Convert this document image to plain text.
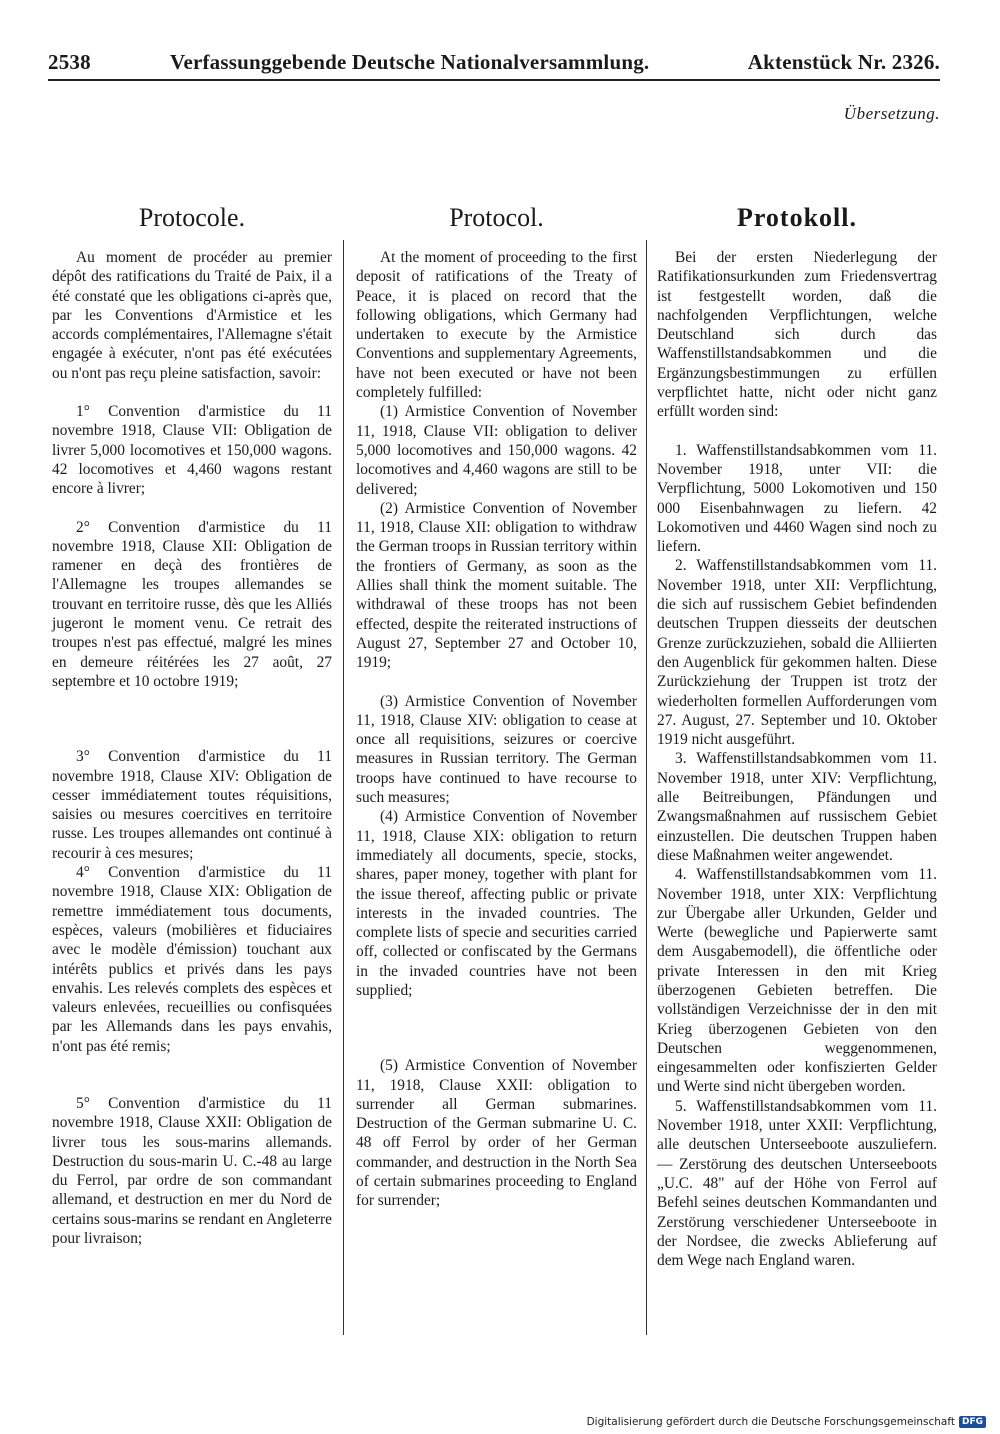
2538	Verfassunggebende Deutsche Nationalversammlung.	Aktenstück Nr. 2326.
Übersetzung.
Protocole.

Au moment de procéder au premier dépôt des ratifications du Traité de Paix, il a été constaté que les obligations ci-après que, par les Conventions d'Armistice et les accords complémentaires, l'Allemagne s'était engagée à exécuter, n'ont pas été exécutées ou n'ont pas reçu pleine satisfaction, savoir:

1° Convention d'armistice du 11 novembre 1918, Clause VII: Obligation de livrer 5,000 locomotives et 150,000 wagons. 42 locomotives et 4,460 wagons restant encore à livrer;

2° Convention d'armistice du 11 novembre 1918, Clause XII: Obligation de ramener en deçà des frontières de l'Allemagne les troupes allemandes se trouvant en territoire russe, dès que les Alliés jugeront le moment venu. Ce retrait des troupes n'est pas effectué, malgré les mines en demeure réitérées les 27 août, 27 septembre et 10 octobre 1919;

3° Convention d'armistice du 11 novembre 1918, Clause XIV: Obligation de cesser immédiatement toutes réquisitions, saisies ou mesures coercitives en territoire russe. Les troupes allemandes ont continué à recourir à ces mesures;

4° Convention d'armistice du 11 novembre 1918, Clause XIX: Obligation de remettre immédiatement tous documents, espèces, valeurs (mobilières et fiduciaires avec le modèle d'émission) touchant aux intérêts publics et privés dans les pays envahis. Les relevés complets des espèces et valeurs enlevées, recueillies ou confisquées par les Allemands dans les pays envahis, n'ont pas été remis;

5° Convention d'armistice du 11 novembre 1918, Clause XXII: Obligation de livrer tous les sous-marins allemands. Destruction du sous-marin U. C.-48 au large du Ferrol, par ordre de son commandant allemand, et destruction en mer du Nord de certains sous-marins se rendant en Angleterre pour livraison;

Protocol.

At the moment of proceeding to the first deposit of ratifications of the Treaty of Peace, it is placed on record that the following obligations, which Germany had undertaken to execute by the Armistice Conventions and supplementary Agreements, have not been executed or have not been completely fulfilled:

(1) Armistice Convention of November 11, 1918, Clause VII: obligation to deliver 5,000 locomotives and 150,000 wagons. 42 locomotives and 4,460 wagons are still to be delivered;

(2) Armistice Convention of November 11, 1918, Clause XII: obligation to withdraw the German troops in Russian territory within the frontiers of Germany, as soon as the Allies shall think the moment suitable. The withdrawal of these troops has not been effected, despite the reiterated instructions of August 27, September 27 and October 10, 1919;

(3) Armistice Convention of November 11, 1918, Clause XIV: obligation to cease at once all requisitions, seizures or coercive measures in Russian territory. The German troops have continued to have recourse to such measures;

(4) Armistice Convention of November 11, 1918, Clause XIX: obligation to return immediately all documents, specie, stocks, shares, paper money, together with plant for the issue thereof, affecting public or private interests in the invaded countries. The complete lists of specie and securities carried off, collected or confiscated by the Germans in the invaded countries have not been supplied;

(5) Armistice Convention of November 11, 1918, Clause XXII: obligation to surrender all German submarines. Destruction of the German submarine U. C. 48 off Ferrol by order of her German commander, and destruction in the North Sea of certain submarines proceeding to England for surrender;

Protokoll.

Bei der ersten Niederlegung der Ratifikationsurkunden zum Friedensvertrag ist festgestellt worden, daß die nachfolgenden Verpflichtungen, welche Deutschland sich durch das Waffenstillstandsabkommen und die Ergänzungsbestimmungen zu erfüllen verpflichtet hatte, nicht oder nicht ganz erfüllt worden sind:

1. Waffenstillstandsabkommen vom 11. November 1918, unter VII: die Verpflichtung, 5000 Lokomotiven und 150 000 Eisenbahnwagen zu liefern. 42 Lokomotiven und 4460 Wagen sind noch zu liefern.

2. Waffenstillstandsabkommen vom 11. November 1918, unter XII: Verpflichtung, die sich auf russischem Gebiet befindenden deutschen Truppen diesseits der deutschen Grenze zurückzuziehen, sobald die Alliierten den Augenblick für gekommen halten. Diese Zurückziehung der Truppen ist trotz der wiederholten formellen Aufforderungen vom 27. August, 27. September und 10. Oktober 1919 nicht ausgeführt.

3. Waffenstillstandsabkommen vom 11. November 1918, unter XIV: Verpflichtung, alle Beitreibungen, Pfändungen und Zwangsmaßnahmen auf russischem Gebiet einzustellen. Die deutschen Truppen haben diese Maßnahmen weiter angewendet.

4. Waffenstillstandsabkommen vom 11. November 1918, unter XIX: Verpflichtung zur Übergabe aller Urkunden, Gelder und Werte (bewegliche und Papierwerte samt dem Ausgabemodell), die öffentliche oder private Interessen in den mit Krieg überzogenen Gebieten betreffen. Die vollständigen Verzeichnisse der in den mit Krieg überzogenen Gebieten von den Deutschen weggenommenen, eingesammelten oder konfiszierten Gelder und Werte sind nicht übergeben worden.

5. Waffenstillstandsabkommen vom 11. November 1918, unter XXII: Verpflichtung, alle deutschen Unterseeboote auszuliefern. — Zerstörung des deutschen Unterseeboots „U.C. 48" auf der Höhe von Ferrol auf Befehl seines deutschen Kommandanten und Zerstörung verschiedener Unterseeboote in der Nordsee, die zwecks Ablieferung auf dem Wege nach England waren.

Digitalisierung gefördert durch die Deutsche Forschungsgemeinschaft DFG
